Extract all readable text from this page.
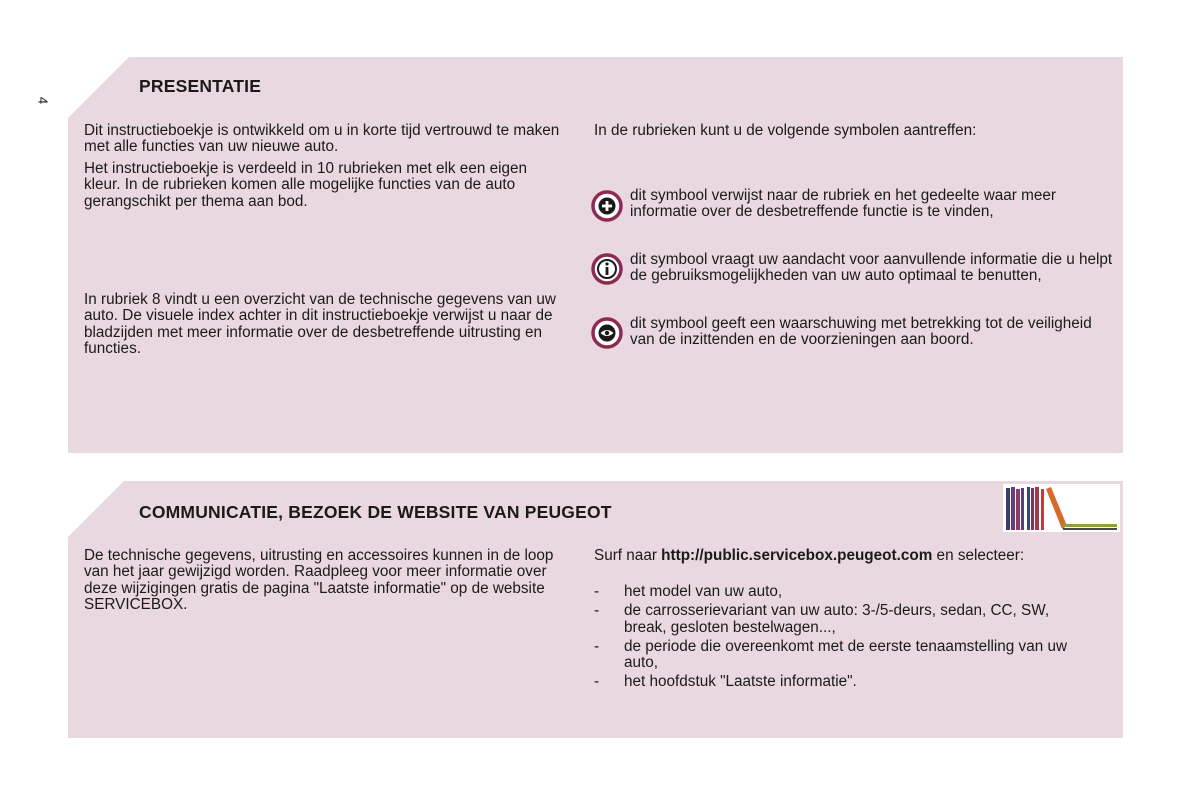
4
PRESENTATIE

Dit instructieboekje is ontwikkeld om u in korte tijd vertrouwd te maken met alle functies van uw nieuwe auto.

Het instructieboekje is verdeeld in 10 rubrieken met elk een eigen kleur. In de rubrieken komen alle mogelijke functies van de auto gerangschikt per thema aan bod.

In rubriek 8 vindt u een overzicht van de technische gegevens van uw auto. De visuele index achter in dit instructieboekje verwijst u naar de bladzijden met meer informatie over de desbetreffende uitrusting en functies.

In de rubrieken kunt u de volgende symbolen aantreffen:

dit symbool verwijst naar de rubriek en het gedeelte waar meer informatie over de desbetreffende functie is te vinden,

dit symbool vraagt uw aandacht voor aanvullende informatie die u helpt de gebruiksmogelijkheden van uw auto optimaal te benutten,

dit symbool geeft een waarschuwing met betrekking tot de veiligheid van de inzittenden en de voorzieningen aan boord.

COMMUNICATIE, BEZOEK DE WEBSITE VAN PEUGEOT

De technische gegevens, uitrusting en accessoires kunnen in de loop van het jaar gewijzigd worden. Raadpleeg voor meer informatie over deze wijzigingen gratis de pagina "Laatste informatie" op de website SERVICEBOX.

Surf naar http://public.servicebox.peugeot.com en selecteer:

- het model van uw auto,
- de carrosserievariant van uw auto: 3-/5-deurs, sedan, CC, SW, break, gesloten bestelwagen...,
- de periode die overeenkomt met de eerste tenaamstelling van uw auto,
- het hoofdstuk "Laatste informatie".
